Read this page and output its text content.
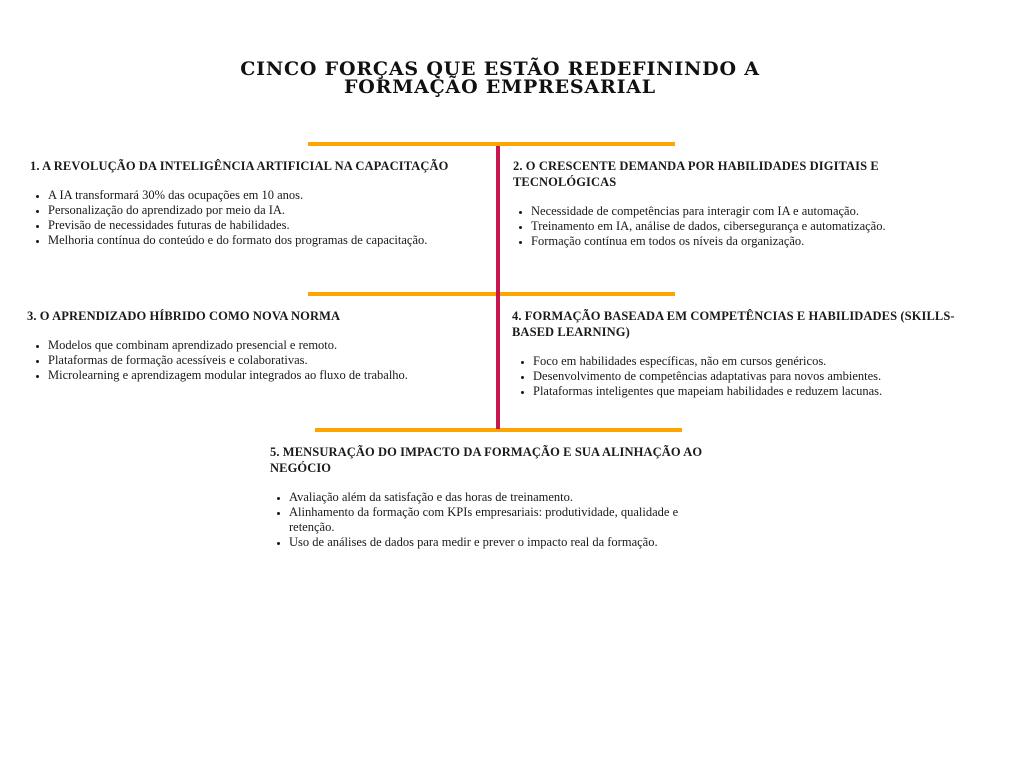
CINCO FORÇAS QUE ESTÃO REDEFININDO A
FORMAÇÃO EMPRESARIAL
1. A REVOLUÇÃO DA INTELIGÊNCIA ARTIFICIAL NA CAPACITAÇÃO
• A IA transformará 30% das ocupações em 10 anos.
• Personalização do aprendizado por meio da IA.
• Previsão de necessidades futuras de habilidades.
• Melhoria contínua do conteúdo e do formato dos programas de capacitação.
2. O CRESCENTE DEMANDA POR HABILIDADES DIGITAIS E TECNOLÓGICAS
• Necessidade de competências para interagir com IA e automação.
• Treinamento em IA, análise de dados, cibersegurança e automatização.
• Formação contínua em todos os níveis da organização.
3. O APRENDIZADO HÍBRIDO COMO NOVA NORMA
• Modelos que combinam aprendizado presencial e remoto.
• Plataformas de formação acessíveis e colaborativas.
• Microlearning e aprendizagem modular integrados ao fluxo de trabalho.
4. FORMAÇÃO BASEADA EM COMPETÊNCIAS E HABILIDADES (SKILLS-BASED LEARNING)
• Foco em habilidades específicas, não em cursos genéricos.
• Desenvolvimento de competências adaptativas para novos ambientes.
• Plataformas inteligentes que mapeiam habilidades e reduzem lacunas.
5. MENSURAÇÃO DO IMPACTO DA FORMAÇÃO E SUA ALINHAÇÃO AO NEGÓCIO
• Avaliação além da satisfação e das horas de treinamento.
• Alinhamento da formação com KPIs empresariais: produtividade, qualidade e retenção.
• Uso de análises de dados para medir e prever o impacto real da formação.
